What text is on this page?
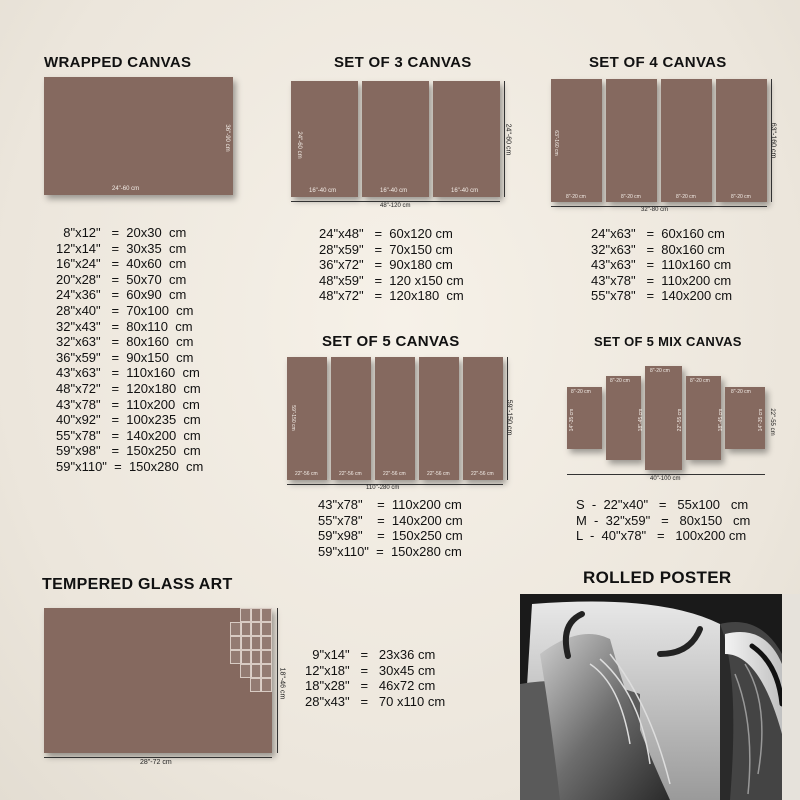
WRAPPED CANVAS
24"-60 cm
36"-90 cm
8"x12"   =  20x30  cm
12"x14"   =  30x35  cm
16"x24"   =  40x60  cm
20"x28"   =  50x70  cm
24"x36"   =  60x90  cm
28"x40"   =  70x100  cm
32"x43"   =  80x110  cm
32"x63"   =  80x160  cm
36"x59"   =  90x150  cm
43"x63"   =  110x160  cm
48"x72"   =  120x180  cm
43"x78"   =  110x200  cm
40"x92"   =  100x235  cm
55"x78"   =  140x200  cm
59"x98"   =  150x250  cm
59"x110"  =  150x280  cm
SET OF 3 CANVAS
16"-40 cm	16"-40 cm	16"-40 cm
24"-60 cm
48"-120 cm
24"-60 cm
24"x48"   =  60x120 cm
28"x59"   =  70x150 cm
36"x72"   =  90x180 cm
48"x59"   =  120 x150 cm
48"x72"   =  120x180  cm
SET OF 4 CANVAS
8"-20 cm	8"-20 cm	8"-20 cm	8"-20 cm
63"-160 cm
32"-80 cm
63"-160 cm
24"x63"   =  60x160 cm
32"x63"   =  80x160 cm
43"x63"   =  110x160 cm
43"x78"   =  110x200 cm
55"x78"   =  140x200 cm
SET OF 5 CANVAS
22"-56 cm	22"-56 cm	22"-56 cm	22"-56 cm	22"-56 cm
59"-150 cm
110"-280 cm
59"-150 cm
43"x78"    =  110x200 cm
55"x78"    =  140x200 cm
59"x98"    =  150x250 cm
59"x110"  =  150x280 cm
SET OF 5 MIX CANVAS
8"-20 cm
8"-20 cm
8"-20 cm
8"-20 cm
8"-20 cm
14"-35 cm	18"-45 cm	22"-55 cm	18"-45 cm	14"-35 cm
40"-100 cm
22"-55 cm
S  -  22"x40"   =   55x100   cm
M  -  32"x59"   =   80x150   cm
L  -  40"x78"   =   100x200 cm
TEMPERED GLASS ART
28"-72 cm
18"-46 cm
9"x14"   =   23x36 cm
12"x18"   =   30x45 cm
18"x28"   =   46x72 cm
28"x43"   =   70 x110 cm
ROLLED POSTER
